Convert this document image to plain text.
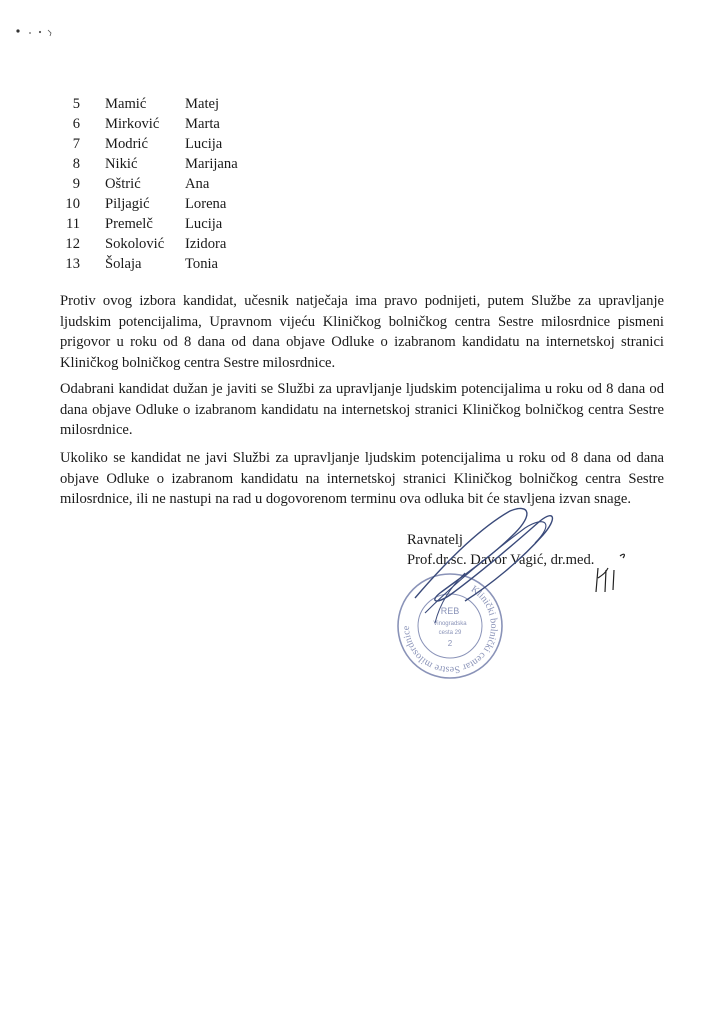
5 Mamić	Matej
6 Mirković Marta
7 Modrić	Lucija
8 Nikić	Marijana
9 Oštrić	Ana
10 Piljagić Lorena
11 Premelč Lucija
12 Sokolović Izidora
13 Šolaja	Tonia

Protiv ovog izbora kandidat, učesnik natječaja ima pravo podnijeti, putem Službe za upravljanje ljudskim potencijalima, Upravnom vijeću Kliničkog bolničkog centra Sestre milosrdnice pismeni prigovor u roku od 8 dana od dana objave Odluke o izabranom kandidatu na internetskoj stranici Kliničkog bolničkog centra Sestre milosrdnice.

Odabrani kandidat dužan je javiti se Službi za upravljanje ljudskim potencijalima u roku od 8 dana od dana objave Odluke o izabranom kandidatu na internetskoj stranici Kliničkog bolničkog centra Sestre milosrdnice.

Ukoliko se kandidat ne javi Službi za upravljanje ljudskim potencijalima u roku od 8 dana od dana objave Odluke o izabranom kandidatu na internetskoj stranici Kliničkog bolničkog centra Sestre milosrdnice, ili ne nastupi na rad u dogovorenom terminu ova odluka bit će stavljena izvan snage.

Ravnatelj
Prof.dr.sc. Davor Vagić, dr.med.
Klinički bolnički centar Sestre milosrdnice
REB
Vinogradska
cesta 29
2
